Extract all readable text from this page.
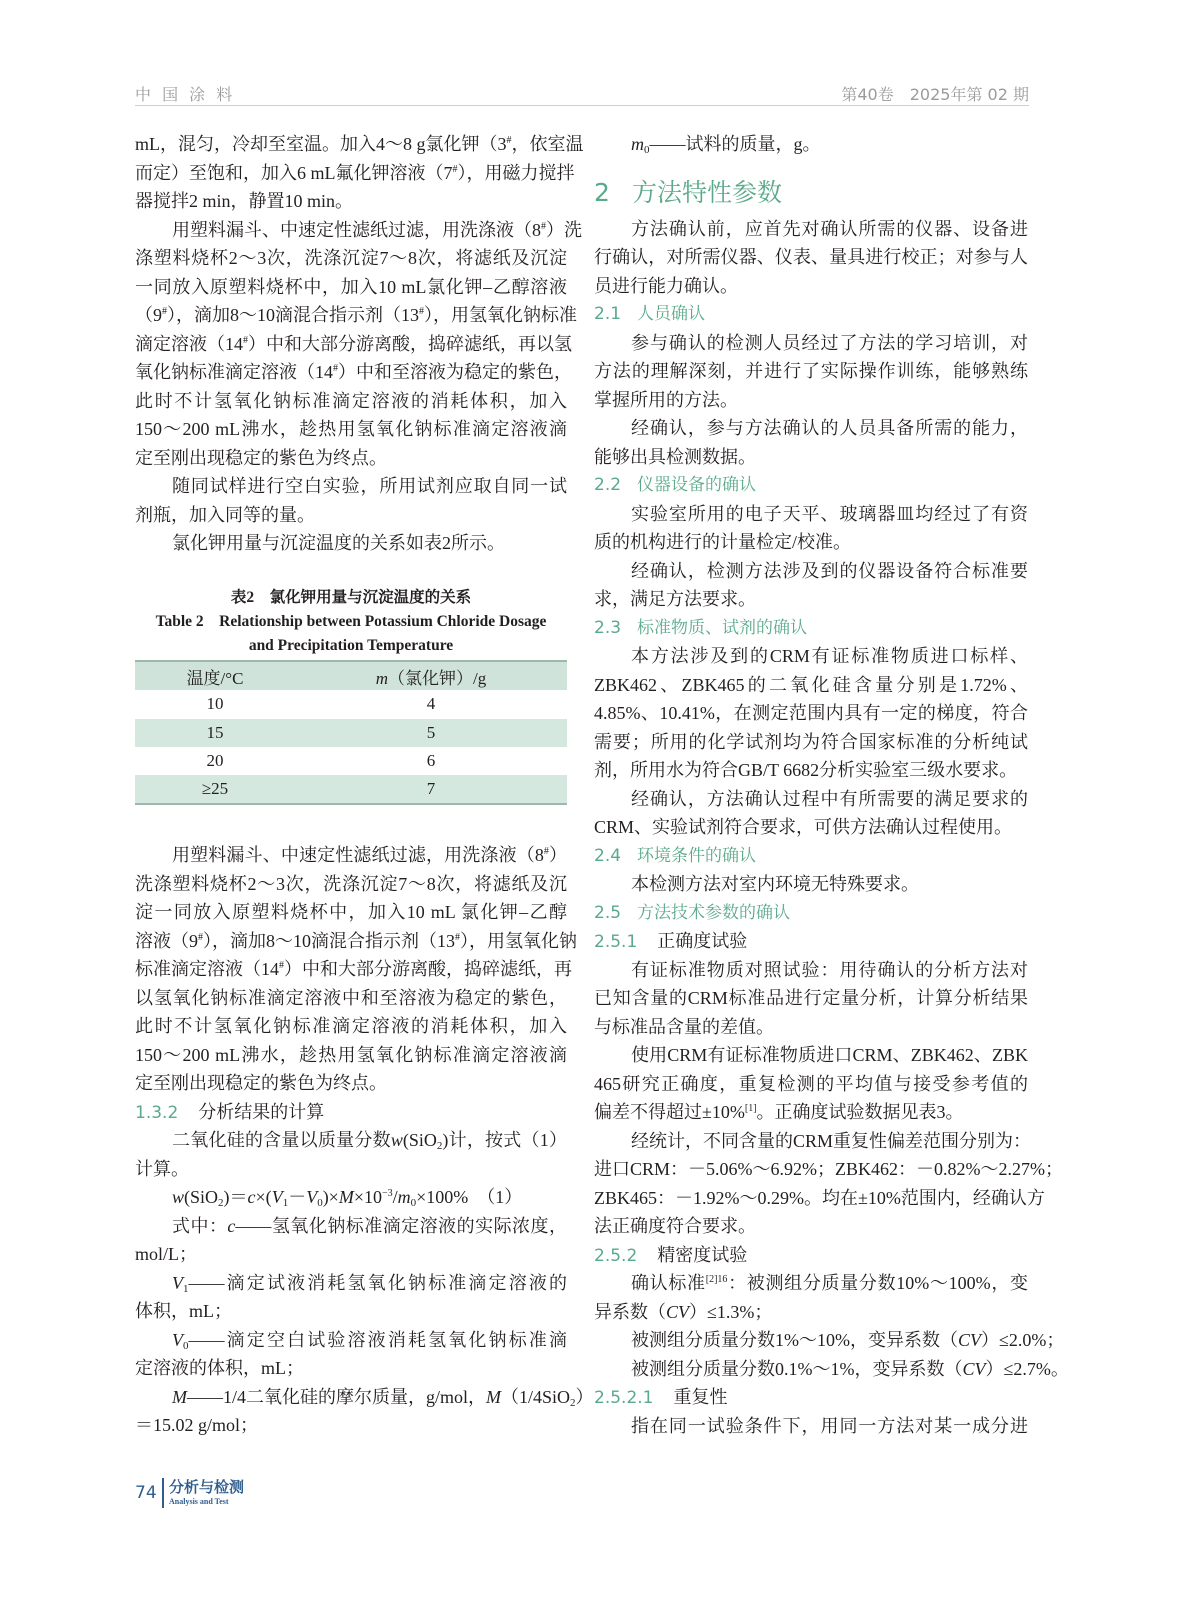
中 国 涂 料	第40卷　2025年第 02 期
mL，混匀，冷却至室温。加入4～8 g氯化钾（3#，依室温
而定）至饱和，加入6 mL氟化钾溶液（7#），用磁力搅拌
器搅拌2 min，静置10 min。
用塑料漏斗、中速定性滤纸过滤，用洗涤液（8#）洗
涤塑料烧杯2～3次，洗涤沉淀7～8次，将滤纸及沉淀
一同放入原塑料烧杯中，加入10 mL氯化钾–乙醇溶液
（9#），滴加8～10滴混合指示剂（13#），用氢氧化钠标准
滴定溶液（14#）中和大部分游离酸，捣碎滤纸，再以氢
氧化钠标准滴定溶液（14#）中和至溶液为稳定的紫色，
此时不计氢氧化钠标准滴定溶液的消耗体积，加入
150～200 mL沸水，趁热用氢氧化钠标准滴定溶液滴
定至刚出现稳定的紫色为终点。
随同试样进行空白实验，所用试剂应取自同一试
剂瓶，加入同等的量。
氯化钾用量与沉淀温度的关系如表2所示。
表2　氯化钾用量与沉淀温度的关系
Table 2　Relationship between Potassium Chloride Dosage
and Precipitation Temperature
温度/°C	m（氯化钾）/g
10	4
15	5
20	6
≥25	7
用塑料漏斗、中速定性滤纸过滤，用洗涤液（8#）
洗涤塑料烧杯2～3次，洗涤沉淀7～8次，将滤纸及沉
淀一同放入原塑料烧杯中，加入10 mL 氯化钾–乙醇
溶液（9#），滴加8～10滴混合指示剂（13#），用氢氧化钠
标准滴定溶液（14#）中和大部分游离酸，捣碎滤纸，再
以氢氧化钠标准滴定溶液中和至溶液为稳定的紫色，
此时不计氢氧化钠标准滴定溶液的消耗体积，加入
150～200 mL沸水，趁热用氢氧化钠标准滴定溶液滴
定至刚出现稳定的紫色为终点。
1.3.2 分析结果的计算
二氧化硅的含量以质量分数w(SiO$_2$)计，按式（1）
计算。
$w(SiO_2)=c\times(V_1-V_0)\times M\times 10^{-3}/m_0\times 100\%$　（1）
式中：c——氢氧化钠标准滴定溶液的实际浓度，
mol/L；
$V_1——$滴定试液消耗氢氧化钠标准滴定溶液的
体积，mL；
$V_0——$滴定空白试验溶液消耗氢氧化钠标准滴
定溶液的体积，mL；
M——1/4二氧化硅的摩尔质量，g/mol，M（1/4SiO$_2$）
＝15.02 g/mol；
$m_0——$试料的质量，g。
2 方法特性参数
方法确认前，应首先对确认所需的仪器、设备进
行确认，对所需仪器、仪表、量具进行校正；对参与人
员进行能力确认。
2.1 人员确认
参与确认的检测人员经过了方法的学习培训，对
方法的理解深刻，并进行了实际操作训练，能够熟练
掌握所用的方法。
经确认，参与方法确认的人员具备所需的能力，
能够出具检测数据。
2.2 仪器设备的确认
实验室所用的电子天平、玻璃器皿均经过了有资
质的机构进行的计量检定/校准。
经确认，检测方法涉及到的仪器设备符合标准要
求，满足方法要求。
2.3 标准物质、试剂的确认
本方法涉及到的CRM有证标准物质进口标样、
ZBK462、ZBK465的二氧化硅含量分别是1.72%、
4.85%、10.41%，在测定范围内具有一定的梯度，符合
需要；所用的化学试剂均为符合国家标准的分析纯试
剂，所用水为符合GB/T 6682分析实验室三级水要求。
经确认，方法确认过程中有所需要的满足要求的
CRM、实验试剂符合要求，可供方法确认过程使用。
2.4 环境条件的确认
本检测方法对室内环境无特殊要求。
2.5 方法技术参数的确认
2.5.1 正确度试验
有证标准物质对照试验：用待确认的分析方法对
已知含量的CRM标准品进行定量分析，计算分析结果
与标准品含量的差值。
使用CRM有证标准物质进口CRM、ZBK462、ZBK
465研究正确度，重复检测的平均值与接受参考值的
偏差不得超过±10%[1]。正确度试验数据见表3。
经统计，不同含量的CRM重复性偏差范围分别为：
进口CRM：－5.06%～6.92%；ZBK462：－0.82%～2.27%；
ZBK465：－1.92%～0.29%。均在±10%范围内，经确认方
法正确度符合要求。
2.5.2 精密度试验
确认标准$^{[2]16}$：被测组分质量分数10%～100%，变
异系数（CV）≤1.3%；
被测组分质量分数1%～10%，变异系数（CV）≤2.0%；
被测组分质量分数0.1%～1%，变异系数（CV）≤2.7%。
2.5.2.1 重复性
指在同一试验条件下，用同一方法对某一成分进
74 分析与检测
Analysis and Test
